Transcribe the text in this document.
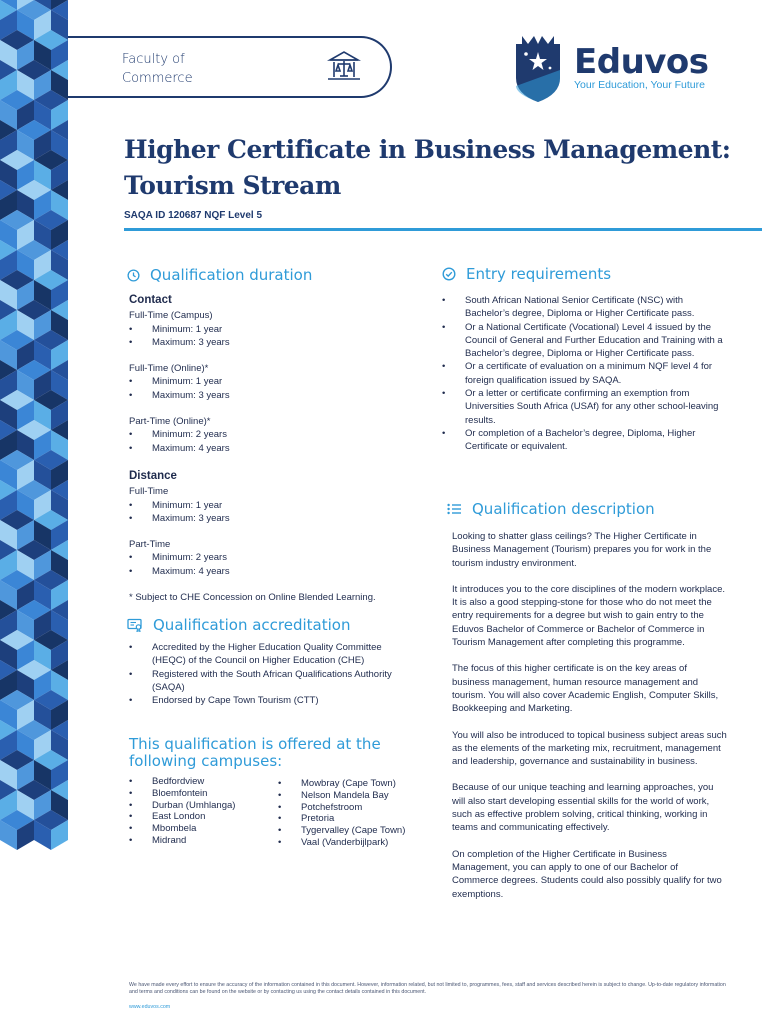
Faculty of Commerce	Eduvos
Your Education, Your Future
Higher Certificate in Business Management: Tourism Stream
SAQA ID 120687 NQF Level 5
Qualification duration
Contact
Full-Time (Campus)
• Minimum: 1 year
• Maximum: 3 years
Full-Time (Online)*
• Minimum: 1 year
• Maximum: 3 years
Part-Time (Online)*
• Minimum: 2 years
• Maximum: 4 years
Distance
Full-Time
• Minimum: 1 year
• Maximum: 3 years
Part-Time
• Minimum: 2 years
• Maximum: 4 years
* Subject to CHE Concession on Online Blended Learning.
Qualification accreditation
• Accredited by the Higher Education Quality Committee (HEQC) of the Council on Higher Education (CHE)
• Registered with the South African Qualifications Authority (SAQA)
• Endorsed by Cape Town Tourism (CTT)
This qualification is offered at the following campuses:
• Bedfordview
• Bloemfontein
• Durban (Umhlanga)
• East London
• Mbombela
• Midrand
• Mowbray (Cape Town)
• Nelson Mandela Bay
• Potchefstroom
• Pretoria
• Tygervalley (Cape Town)
• Vaal (Vanderbijlpark)
Entry requirements
• South African National Senior Certificate (NSC) with Bachelor’s degree, Diploma or Higher Certificate pass.
• Or a National Certificate (Vocational) Level 4 issued by the Council of General and Further Education and Training with a Bachelor’s degree, Diploma or Higher Certificate pass.
• Or a certificate of evaluation on a minimum NQF level 4 for foreign qualification issued by SAQA.
• Or a letter or certificate confirming an exemption from Universities South Africa (USAf) for any other school-leaving results.
• Or completion of a Bachelor’s degree, Diploma, Higher Certificate or equivalent.
Qualification description

Looking to shatter glass ceilings? The Higher Certificate in Business Management (Tourism) prepares you for work in the tourism industry environment.

It introduces you to the core disciplines of the modern workplace. It is also a good stepping-stone for those who do not meet the entry requirements for a degree but wish to gain entry to the Eduvos Bachelor of Commerce or Bachelor of Commerce in Tourism Management after completing this programme.

The focus of this higher certificate is on the key areas of business management, human resource management and tourism. You will also cover Academic English, Computer Skills, Bookkeeping and Marketing.

You will also be introduced to topical business subject areas such as the elements of the marketing mix, recruitment, management and leadership, governance and sustainability in business.

Because of our unique teaching and learning approaches, you will also start developing essential skills for the world of work, such as effective problem solving, critical thinking, working in teams and communicating effectively.

On completion of the Higher Certificate in Business Management, you can apply to one of our Bachelor of Commerce degrees. Students could also possibly qualify for two exemptions.

We have made every effort to ensure the accuracy of the information contained in this document. However, information related, but not limited to, programmes, fees, staff and services described herein is subject to change. Up-to-date regulatory information and terms and conditions can be found on the website or by contacting us using the contact details contained in this document.
www.eduvos.com
